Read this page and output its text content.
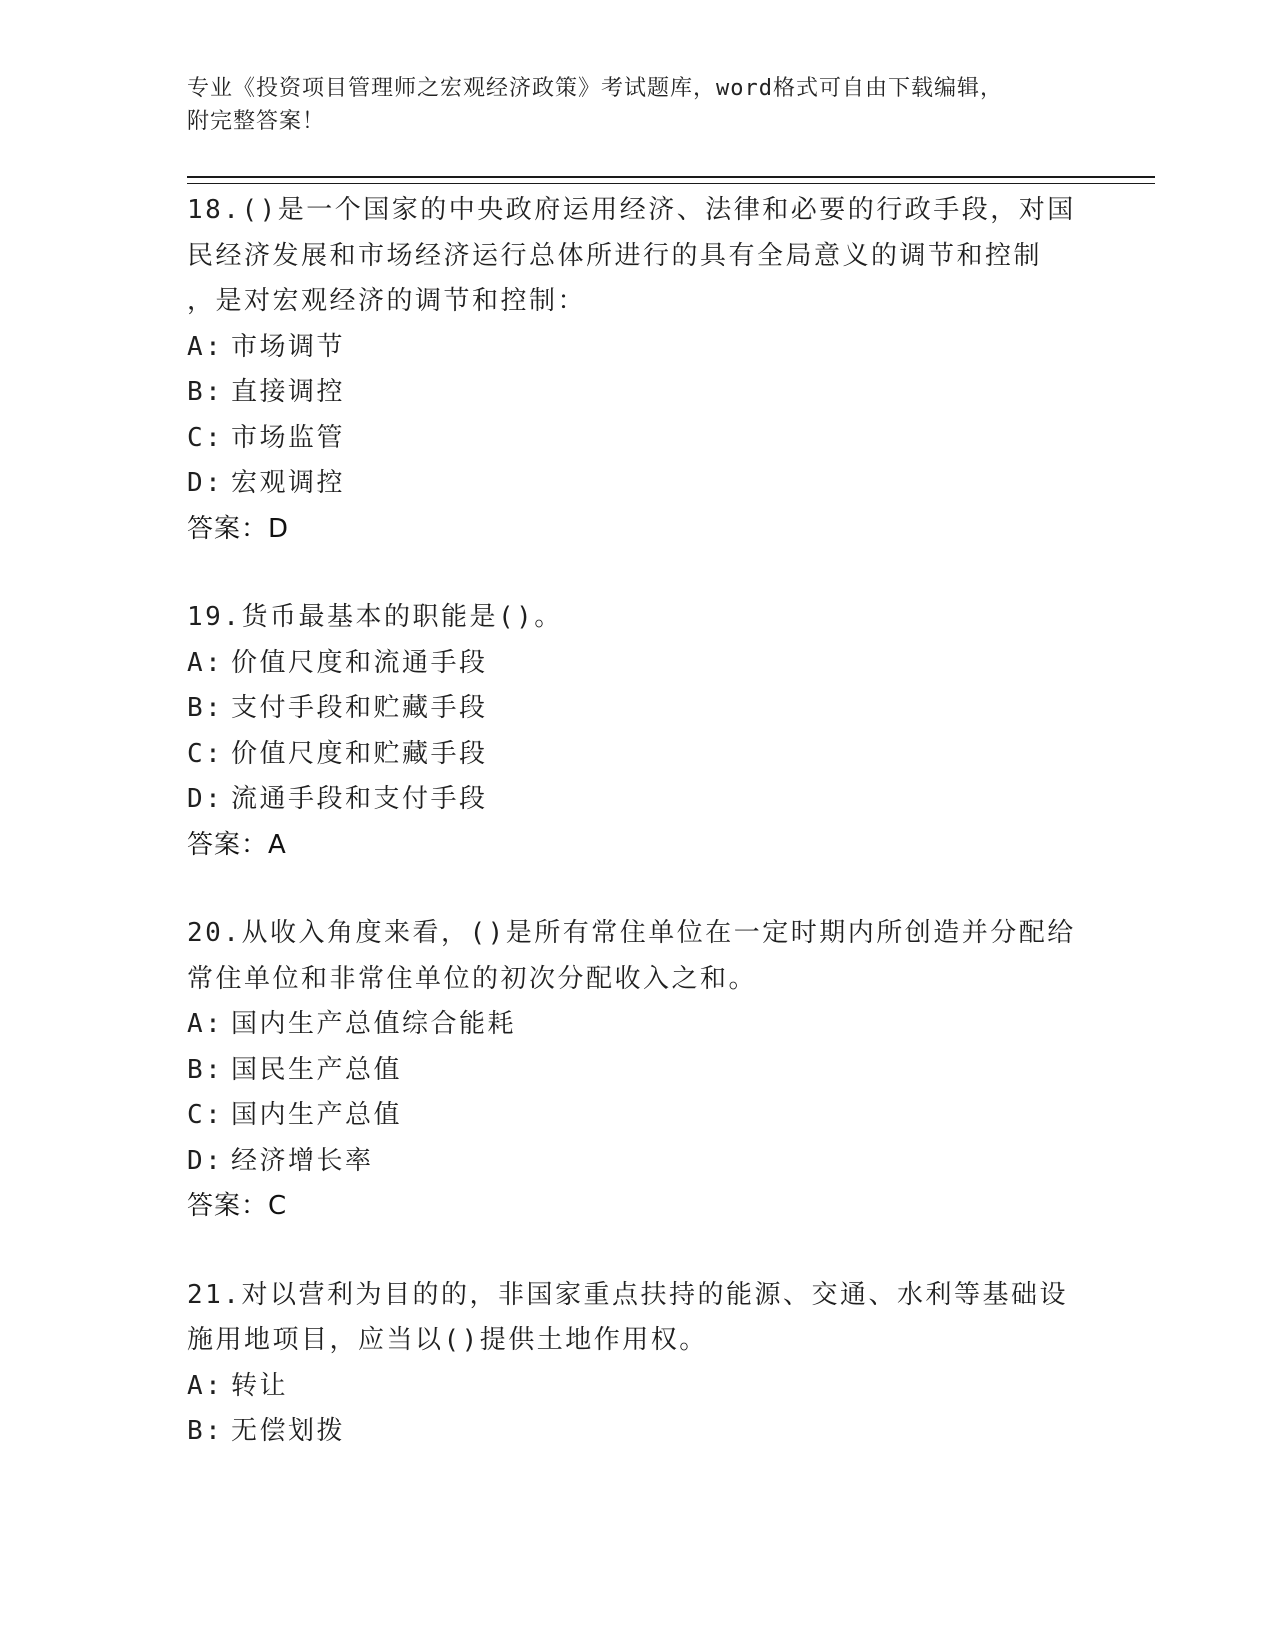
专业《投资项目管理师之宏观经济政策》考试题库，word格式可自由下载编辑，
附完整答案！
18.()是一个国家的中央政府运用经济、法律和必要的行政手段，对国
民经济发展和市场经济运行总体所进行的具有全局意义的调节和控制
，是对宏观经济的调节和控制：
A: 市场调节
B: 直接调控
C: 市场监管
D: 宏观调控
答案：D
19.货币最基本的职能是()。
A: 价值尺度和流通手段
B: 支付手段和贮藏手段
C: 价值尺度和贮藏手段
D: 流通手段和支付手段
答案：A
20.从收入角度来看，()是所有常住单位在一定时期内所创造并分配给
常住单位和非常住单位的初次分配收入之和。
A: 国内生产总值综合能耗
B: 国民生产总值
C: 国内生产总值
D: 经济增长率
答案：C
21.对以营利为目的的，非国家重点扶持的能源、交通、水利等基础设
施用地项目，应当以()提供土地作用权。
A: 转让
B: 无偿划拨
